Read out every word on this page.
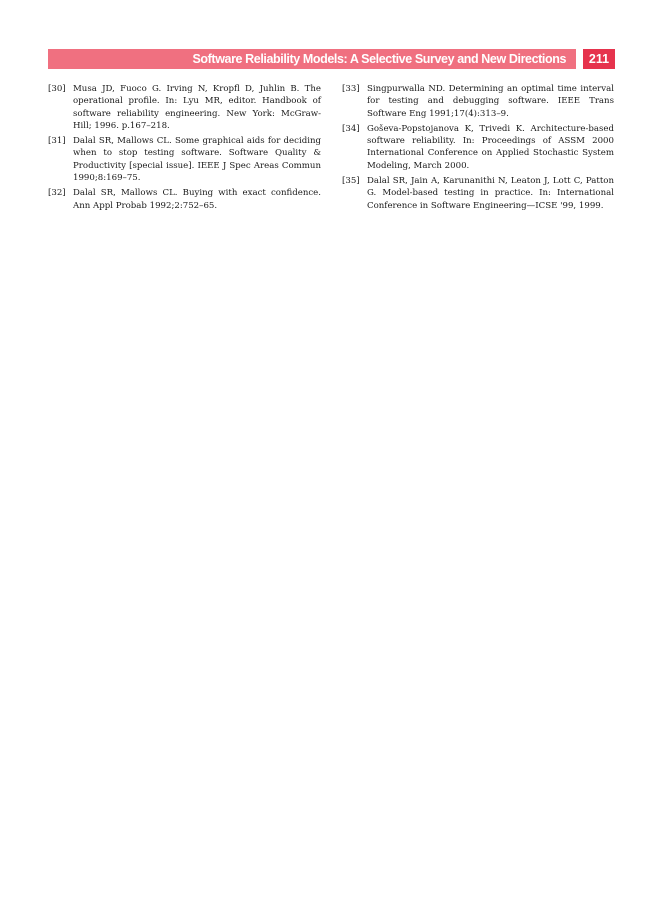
Software Reliability Models: A Selective Survey and New Directions	211
[30] Musa JD, Fuoco G. Irving N, Kropfl D, Juhlin B. The operational profile. In: Lyu MR, editor. Handbook of software reliability engineering. New York: McGraw-Hill; 1996. p.167–218.
[31] Dalal SR, Mallows CL. Some graphical aids for deciding when to stop testing software. Software Quality & Productivity [special issue]. IEEE J Spec Areas Commun 1990;8:169–75.
[32] Dalal SR, Mallows CL. Buying with exact confidence. Ann Appl Probab 1992;2:752–65.
[33] Singpurwalla ND. Determining an optimal time interval for testing and debugging software. IEEE Trans Software Eng 1991;17(4):313–9.
[34] Goševa-Popstojanova K, Trivedi K. Architecture-based software reliability. In: Proceedings of ASSM 2000 International Conference on Applied Stochastic System Modeling, March 2000.
[35] Dalal SR, Jain A, Karunanithi N, Leaton J, Lott C, Patton G. Model-based testing in practice. In: International Conference in Software Engineering—ICSE '99, 1999.
